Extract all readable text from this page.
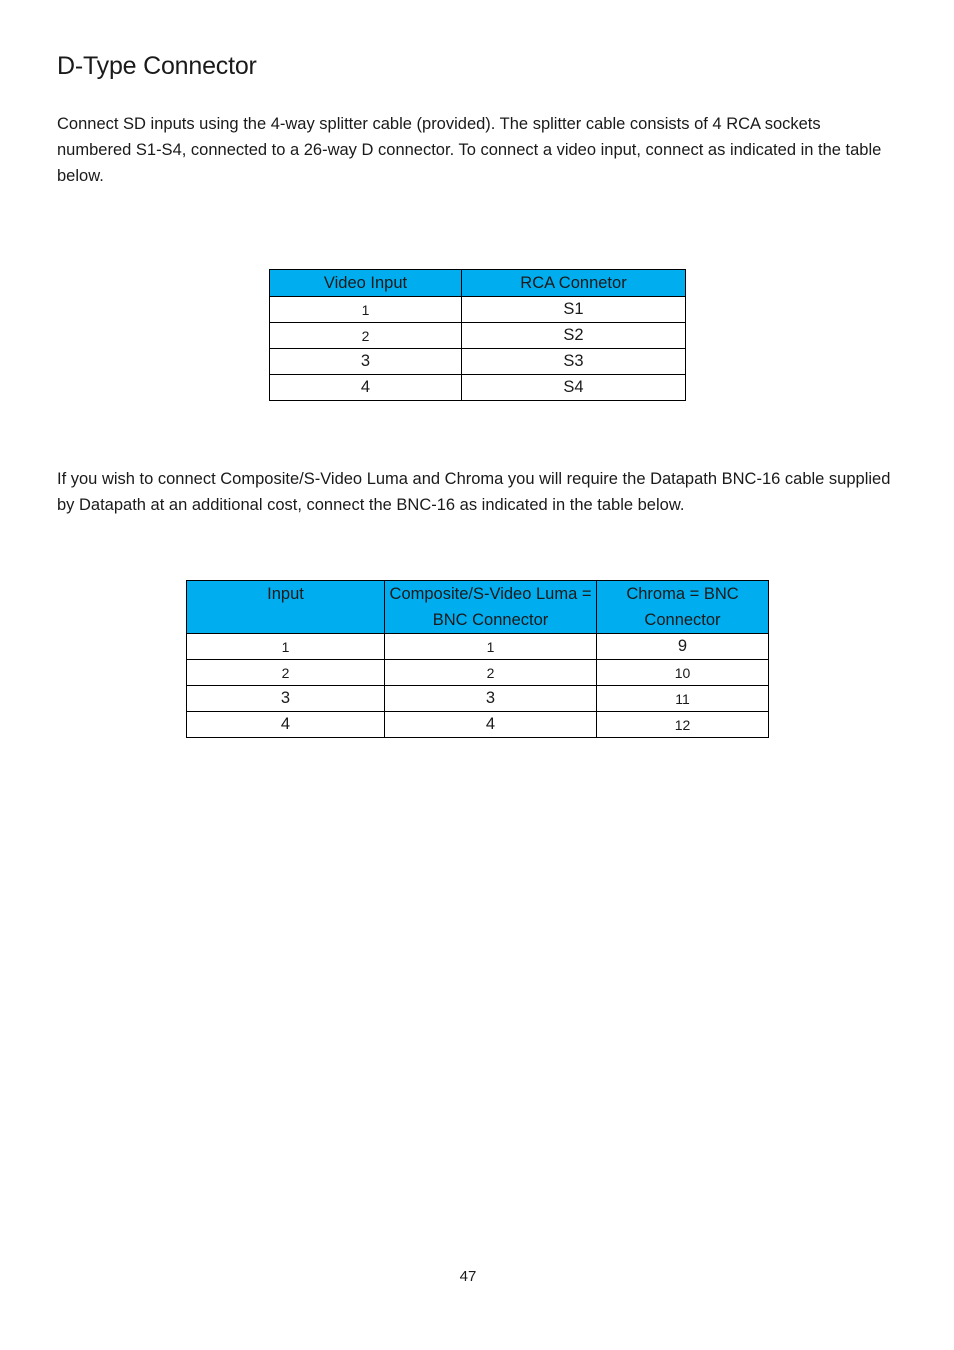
D-Type Connector

Connect SD inputs using the 4-way splitter cable (provided). The splitter cable consists of 4 RCA sockets numbered S1-S4, connected to a 26-way D connector. To connect a video input, connect as indicated in the table below.

Video Input	RCA Connetor
1	S1
2	S2
3	S3
4	S4

If you wish to connect Composite/S-Video Luma and Chroma you will require the Datapath BNC-16 cable supplied by Datapath at an additional cost, connect the BNC-16 as indicated in the table below.

Input	Composite/S-Video Luma = BNC Connector	Chroma = BNC Connector
1	1	9
2	2	10
3	3	11
4	4	12
47
